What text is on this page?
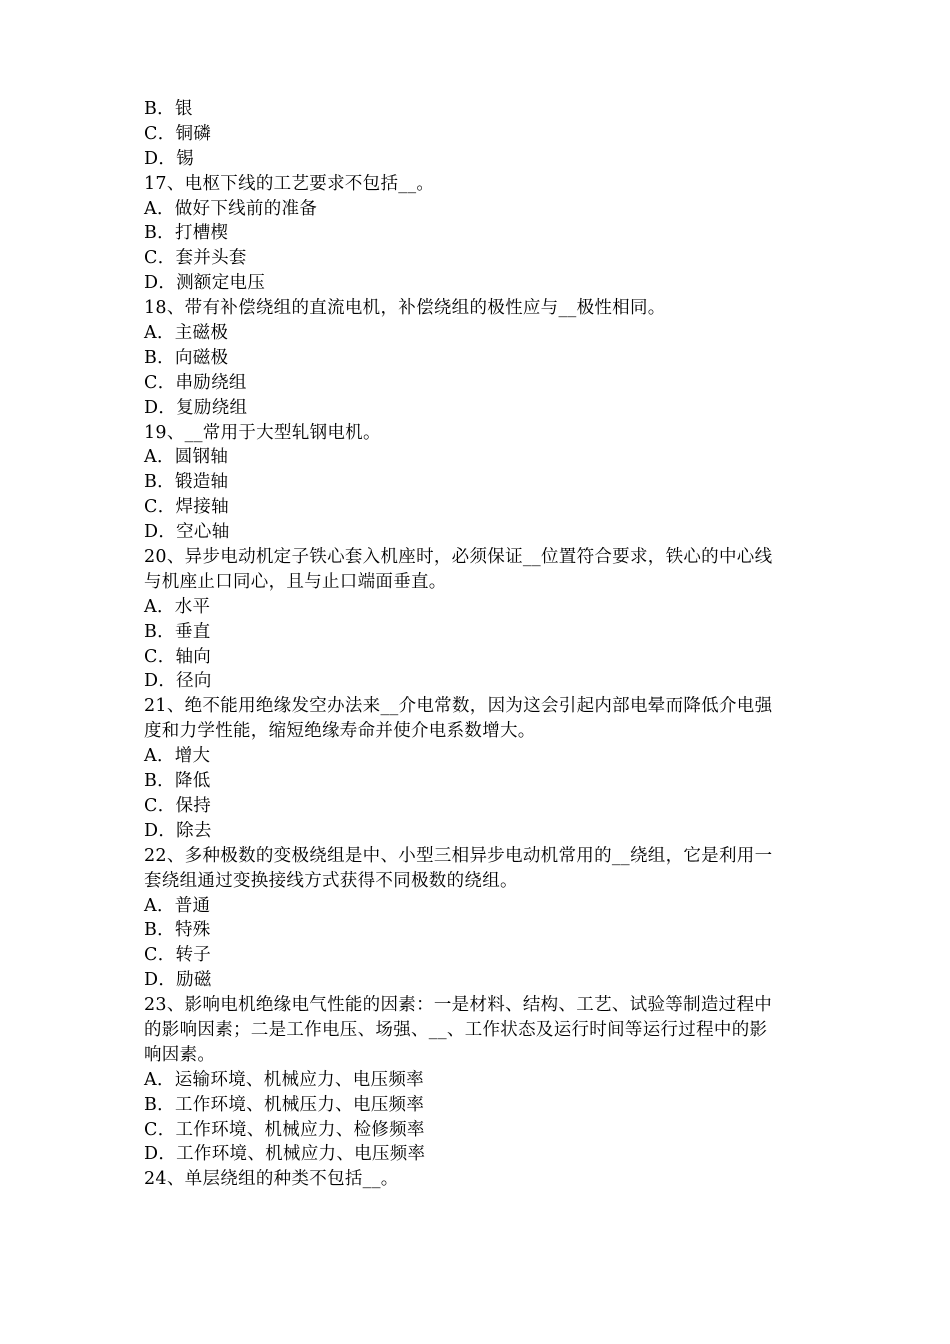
B．银
C．铜磷
D．锡
17、电枢下线的工艺要求不包括__。
A．做好下线前的准备
B．打槽楔
C．套并头套
D．测额定电压
18、带有补偿绕组的直流电机，补偿绕组的极性应与__极性相同。
A．主磁极
B．向磁极
C．串励绕组
D．复励绕组
19、__常用于大型轧钢电机。
A．圆钢轴
B．锻造轴
C．焊接轴
D．空心轴
20、异步电动机定子铁心套入机座时，必须保证__位置符合要求，铁心的中心线
与机座止口同心，且与止口端面垂直。
A．水平
B．垂直
C．轴向
D．径向
21、绝不能用绝缘发空办法来__介电常数，因为这会引起内部电晕而降低介电强
度和力学性能，缩短绝缘寿命并使介电系数增大。
A．增大
B．降低
C．保持
D．除去
22、多种极数的变极绕组是中、小型三相异步电动机常用的__绕组，它是利用一
套绕组通过变换接线方式获得不同极数的绕组。
A．普通
B．特殊
C．转子
D．励磁
23、影响电机绝缘电气性能的因素：一是材料、结构、工艺、试验等制造过程中
的影响因素；二是工作电压、场强、__、工作状态及运行时间等运行过程中的影
响因素。
A．运输环境、机械应力、电压频率
B．工作环境、机械压力、电压频率
C．工作环境、机械应力、检修频率
D．工作环境、机械应力、电压频率
24、单层绕组的种类不包括__。
